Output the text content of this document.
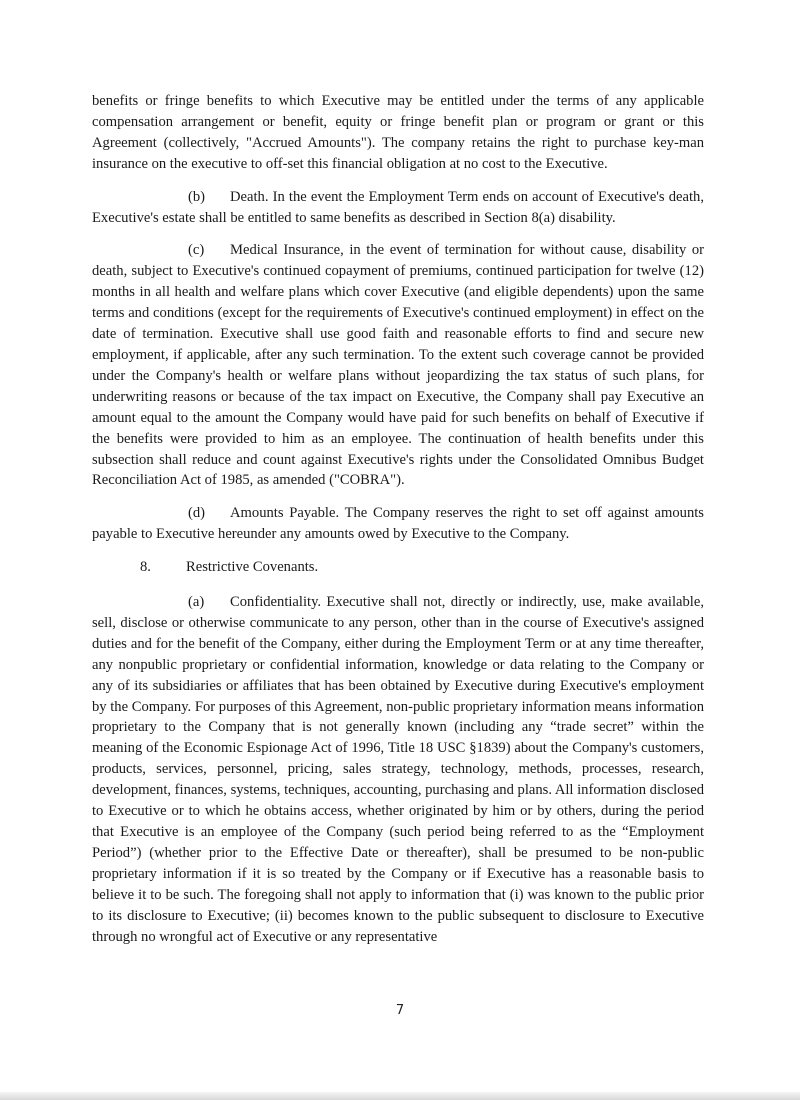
benefits or fringe benefits to which Executive may be entitled under the terms of any applicable compensation arrangement or benefit, equity or fringe benefit plan or program or grant or this Agreement (collectively, "Accrued Amounts"). The company retains the right to purchase key-man insurance on the executive to off-set this financial obligation at no cost to the Executive.

(b) Death. In the event the Employment Term ends on account of Executive's death, Executive's estate shall be entitled to same benefits as described in Section 8(a) disability.

(c) Medical Insurance, in the event of termination for without cause, disability or death, subject to Executive's continued copayment of premiums, continued participation for twelve (12) months in all health and welfare plans which cover Executive (and eligible dependents) upon the same terms and conditions (except for the requirements of Executive's continued employment) in effect on the date of termination. Executive shall use good faith and reasonable efforts to find and secure new employment, if applicable, after any such termination. To the extent such coverage cannot be provided under the Company's health or welfare plans without jeopardizing the tax status of such plans, for underwriting reasons or because of the tax impact on Executive, the Company shall pay Executive an amount equal to the amount the Company would have paid for such benefits on behalf of Executive if the benefits were provided to him as an employee. The continuation of health benefits under this subsection shall reduce and count against Executive's rights under the Consolidated Omnibus Budget Reconciliation Act of 1985, as amended ("COBRA").

(d) Amounts Payable. The Company reserves the right to set off against amounts payable to Executive hereunder any amounts owed by Executive to the Company.

8. Restrictive Covenants.

(a) Confidentiality. Executive shall not, directly or indirectly, use, make available, sell, disclose or otherwise communicate to any person, other than in the course of Executive's assigned duties and for the benefit of the Company, either during the Employment Term or at any time thereafter, any nonpublic proprietary or confidential information, knowledge or data relating to the Company or any of its subsidiaries or affiliates that has been obtained by Executive during Executive's employment by the Company. For purposes of this Agreement, non-public proprietary information means information proprietary to the Company that is not generally known (including any “trade secret” within the meaning of the Economic Espionage Act of 1996, Title 18 USC §1839) about the Company's customers, products, services, personnel, pricing, sales strategy, technology, methods, processes, research, development, finances, systems, techniques, accounting, purchasing and plans. All information disclosed to Executive or to which he obtains access, whether originated by him or by others, during the period that Executive is an employee of the Company (such period being referred to as the “Employment Period”) (whether prior to the Effective Date or thereafter), shall be presumed to be non-public proprietary information if it is so treated by the Company or if Executive has a reasonable basis to believe it to be such. The foregoing shall not apply to information that (i) was known to the public prior to its disclosure to Executive; (ii) becomes known to the public subsequent to disclosure to Executive through no wrongful act of Executive or any representative

7
